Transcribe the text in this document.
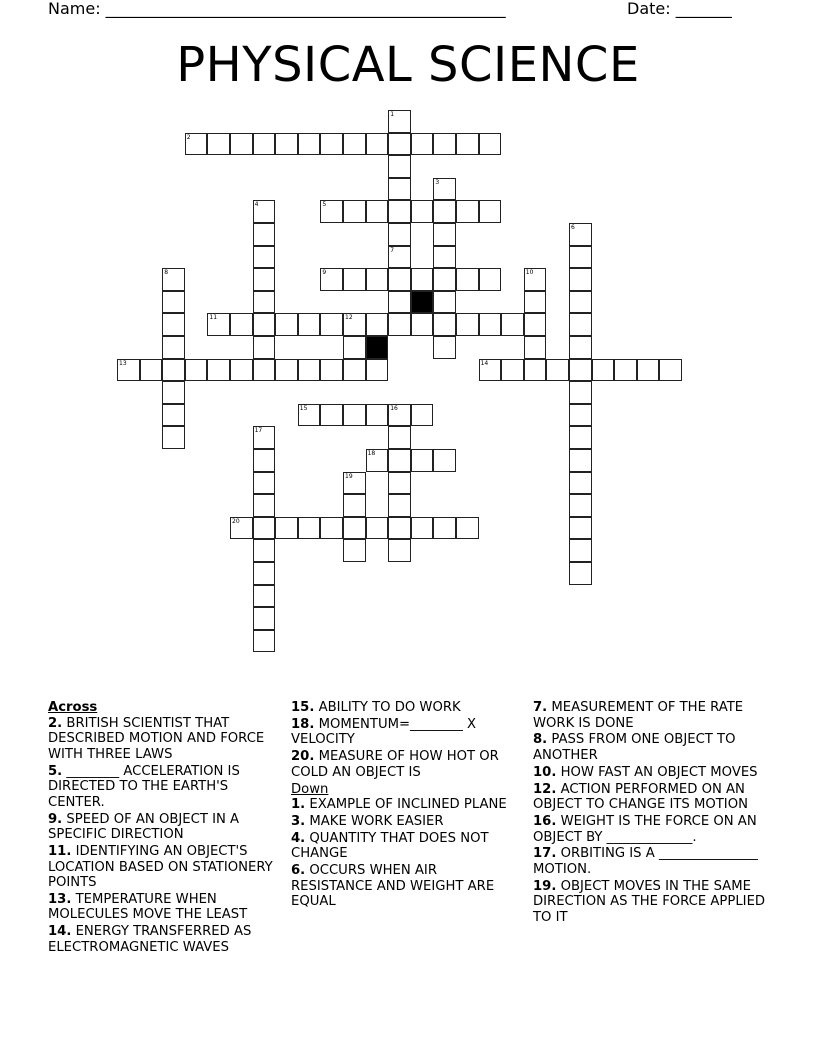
Name: __________________________________________________	Date: _______
PHYSICAL SCIENCE
1
7
2
3
4	5
6
8	9	10
11	12
13	14
15	16
17
18
19
20

Across

2. BRITISH SCIENTIST THAT DESCRIBED MOTION AND FORCE WITH THREE LAWS

5. ________ ACCELERATION IS DIRECTED TO THE EARTH'S CENTER.

9. SPEED OF AN OBJECT IN A SPECIFIC DIRECTION

11. IDENTIFYING AN OBJECT'S LOCATION BASED ON STATIONERY POINTS

13. TEMPERATURE WHEN MOLECULES MOVE THE LEAST

14. ENERGY TRANSFERRED AS ELECTROMAGNETIC WAVES

15. ABILITY TO DO WORK

18. MOMENTUM=________ X VELOCITY

20. MEASURE OF HOW HOT OR COLD AN OBJECT IS

Down

1. EXAMPLE OF INCLINED PLANE

3. MAKE WORK EASIER

4. QUANTITY THAT DOES NOT CHANGE

6. OCCURS WHEN AIR RESISTANCE AND WEIGHT ARE EQUAL

7. MEASUREMENT OF THE RATE WORK IS DONE

8. PASS FROM ONE OBJECT TO ANOTHER

10. HOW FAST AN OBJECT MOVES

12. ACTION PERFORMED ON AN OBJECT TO CHANGE ITS MOTION

16. WEIGHT IS THE FORCE ON AN OBJECT BY _____________.

17. ORBITING IS A _______________ MOTION.

19. OBJECT MOVES IN THE SAME DIRECTION AS THE FORCE APPLIED TO IT
